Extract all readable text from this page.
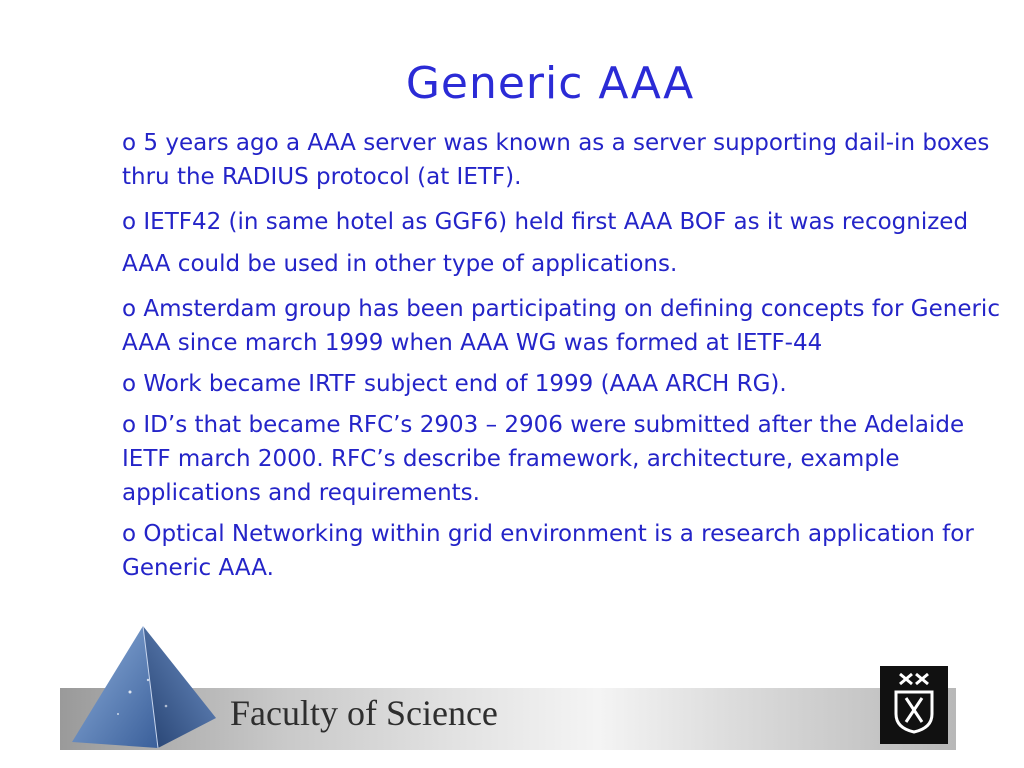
Generic AAA
o 5 years ago a AAA server was known as a server supporting dail-in boxes thru the RADIUS protocol (at IETF).
o IETF42 (in same hotel as GGF6) held first AAA BOF as it was recognized AAA could be used in other type of applications.
o Amsterdam group has been participating on defining concepts for Generic AAA since march 1999 when AAA WG was formed at IETF-44
o Work became IRTF subject end of 1999 (AAA ARCH RG).
o ID’s that became RFC’s 2903 – 2906 were submitted after the Adelaide IETF march 2000. RFC’s describe framework, architecture, example applications and requirements.
o Optical Networking within grid environment is a research application for Generic AAA.
Faculty of Science
